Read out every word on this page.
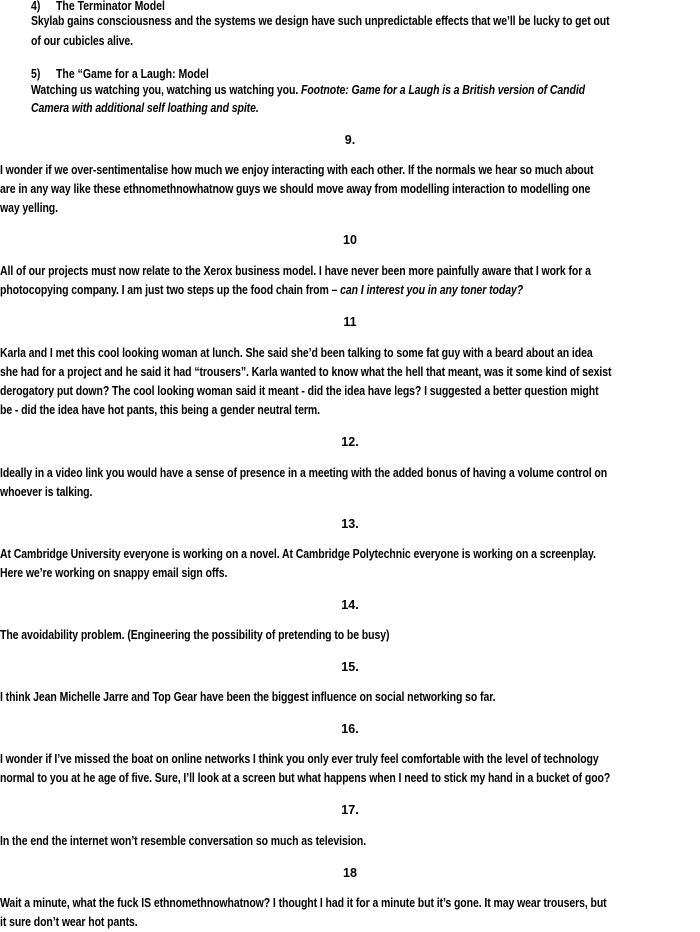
4) The Terminator Model
Skylab gains consciousness and the systems we design have such unpredictable effects that we’ll be lucky to get out
of our cubicles alive.
5) The “Game for a Laugh: Model
Watching us watching you, watching us watching you. Footnote: Game for a Laugh is a British version of Candid
Camera with additional self loathing and spite.
9.
I wonder if we over-sentimentalise how much we enjoy interacting with each other. If the normals we hear so much about
are in any way like these ethnomethnowhatnow guys we should move away from modelling interaction to modelling one
way yelling.
10
All of our projects must now relate to the Xerox business model. I have never been more painfully aware that I work for a
photocopying company. I am just two steps up the food chain from – can I interest you in any toner today?
11
Karla and I met this cool looking woman at lunch. She said she’d been talking to some fat guy with a beard about an idea
she had for a project and he said it had “trousers”. Karla wanted to know what the hell that meant, was it some kind of sexist
derogatory put down? The cool looking woman said it meant - did the idea have legs? I suggested a better question might
be - did the idea have hot pants, this being a gender neutral term.
12.
Ideally in a video link you would have a sense of presence in a meeting with the added bonus of having a volume control on
whoever is talking.
13.
At Cambridge University everyone is working on a novel. At Cambridge Polytechnic everyone is working on a screenplay.
Here we’re working on snappy email sign offs.
14.
The avoidability problem. (Engineering the possibility of pretending to be busy)
15.
I think Jean Michelle Jarre and Top Gear have been the biggest influence on social networking so far.
16.
I wonder if I’ve missed the boat on online networks I think you only ever truly feel comfortable with the level of technology
normal to you at he age of five. Sure, I’ll look at a screen but what happens when I need to stick my hand in a bucket of goo?
17.
In the end the internet won’t resemble conversation so much as television.
18
Wait a minute, what the fuck IS ethnomethnowhatnow? I thought I had it for a minute but it’s gone. It may wear trousers, but
it sure don’t wear hot pants.
